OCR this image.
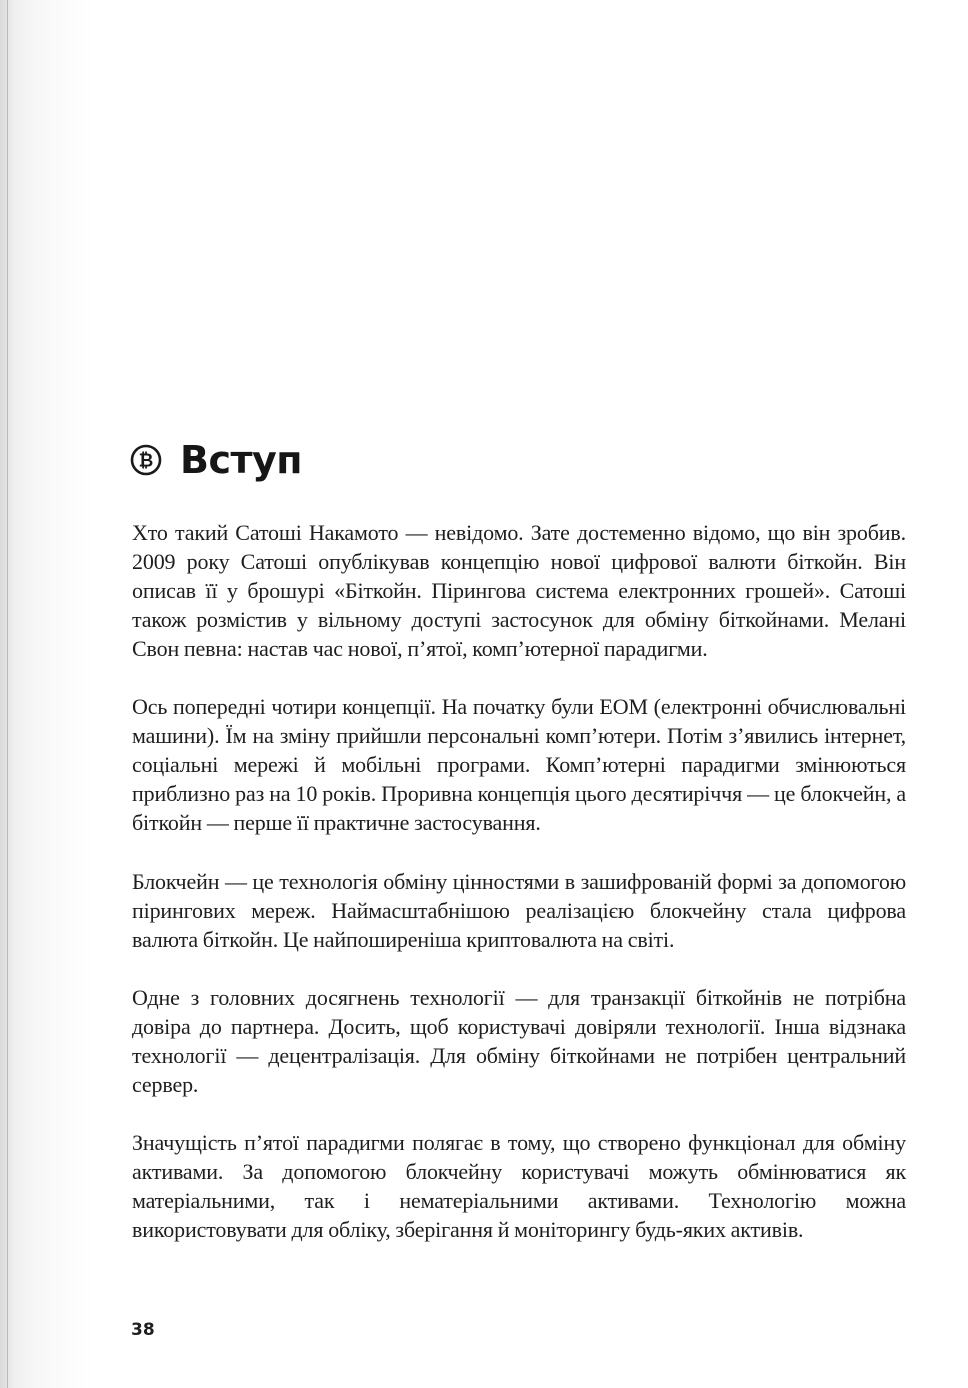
₿ Вступ

Хто такий Сатоші Накамото — невідомо. Зате достеменно відомо, що він зробив. 2009 року Сатоші опублікував концепцію нової цифрової валюти біткойн. Він описав її у брошурі «Біткойн. Пірингова система електронних грошей». Сатоші також розмістив у вільному доступі застосунок для обміну біткойнами. Мелані Свон певна: настав час нової, п’ятої, комп’ютерної парадигми.

Ось попередні чотири концепції. На початку були ЕОМ (електронні обчислювальні машини). Їм на зміну прийшли персональні комп’ютери. Потім з’явились інтернет, соціальні мережі й мобільні програми. Комп’ютерні парадигми змінюються приблизно раз на 10 років. Проривна концепція цього десятиріччя — це блокчейн, а біткойн — перше її практичне застосування.

Блокчейн — це технологія обміну цінностями в зашифрованій формі за допомогою пірингових мереж. Наймасштабнішою реалізацією блокчейну стала цифрова валюта біткойн. Це найпоширеніша криптовалюта на світі.

Одне з головних досягнень технології — для транзакції біткойнів не потрібна довіра до партнера. Досить, щоб користувачі довіряли технології. Інша відзнака технології — децентралізація. Для обміну біткойнами не потрібен центральний сервер.

Значущість п’ятої парадигми полягає в тому, що створено функціонал для обміну активами. За допомогою блокчейну користувачі можуть обмінюватися як матеріальними, так і нематеріальними активами. Технологію можна використовувати для обліку, зберігання й моніторингу будь-яких активів.

38
